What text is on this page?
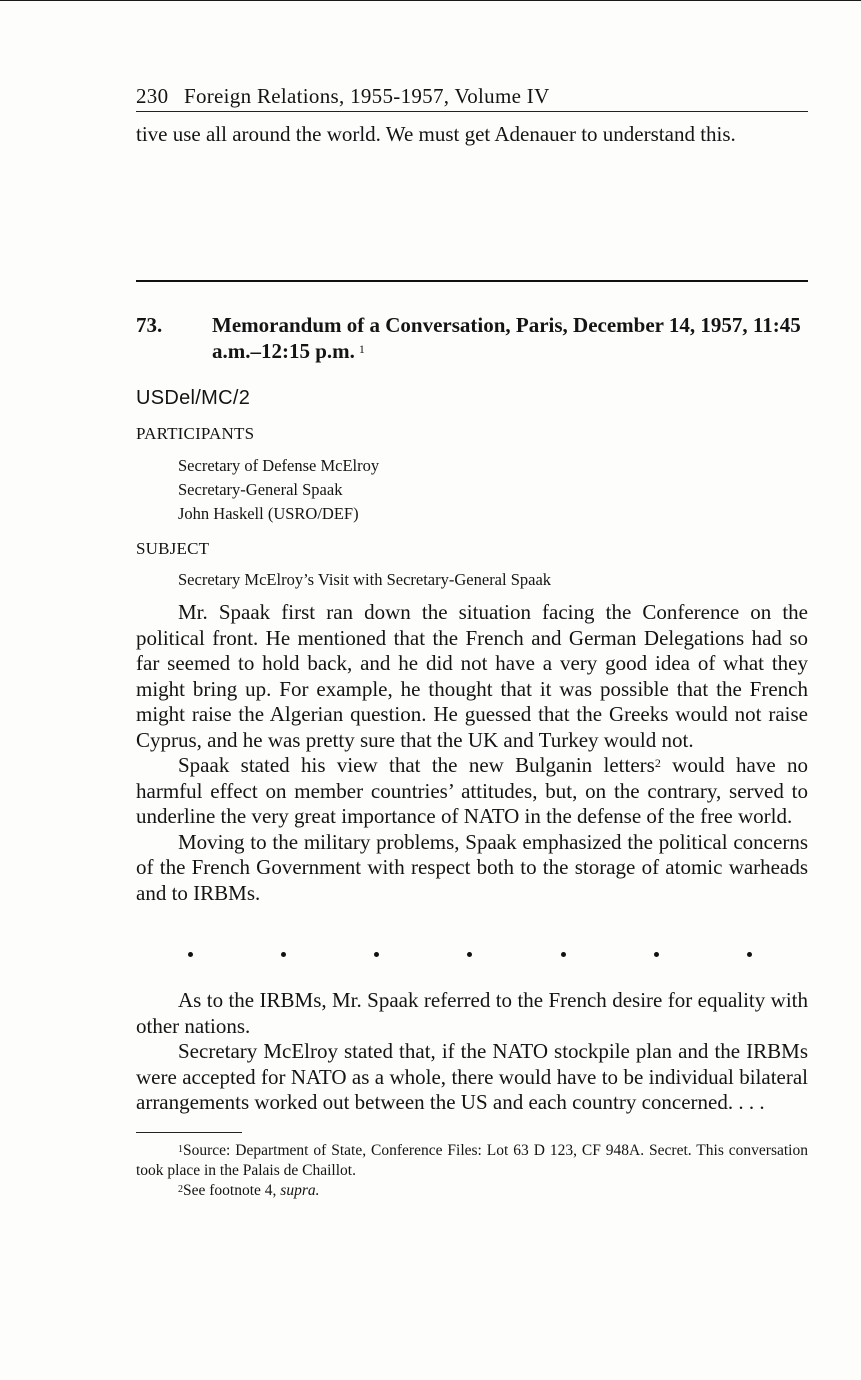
230 Foreign Relations, 1955-1957, Volume IV
tive use all around the world. We must get Adenauer to understand this.
73.	Memorandum of a Conversation, Paris, December 14, 1957, 11:45 a.m.–12:15 p.m. $^1$
USDel/MC/2
PARTICIPANTS
Secretary of Defense McElroy
Secretary-General Spaak
John Haskell (USRO/DEF)
SUBJECT
Secretary McElroy’s Visit with Secretary-General Spaak

Mr. Spaak first ran down the situation facing the Conference on the political front. He mentioned that the French and German Delegations had so far seemed to hold back, and he did not have a very good idea of what they might bring up. For example, he thought that it was possible that the French might raise the Algerian question. He guessed that the Greeks would not raise Cyprus, and he was pretty sure that the UK and Turkey would not.

Spaak stated his view that the new Bulganin letters$^2$ would have no harmful effect on member countries’ attitudes, but, on the contrary, served to underline the very great importance of NATO in the defense of the free world.

Moving to the military problems, Spaak emphasized the political concerns of the French Government with respect both to the storage of atomic warheads and to IRBMs.

As to the IRBMs, Mr. Spaak referred to the French desire for equality with other nations.

Secretary McElroy stated that, if the NATO stockpile plan and the IRBMs were accepted for NATO as a whole, there would have to be individual bilateral arrangements worked out between the US and each country concerned. . . .

$^1$Source: Department of State, Conference Files: Lot 63 D 123, CF 948A. Secret. This conversation took place in the Palais de Chaillot.

$^2$See footnote 4, supra.
